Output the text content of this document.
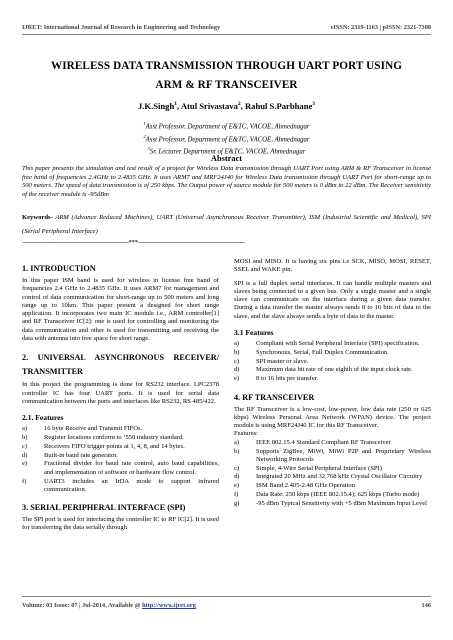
IJRET: International Journal of Research in Engineering and Technology	eISSN: 2319-1163 | pISSN: 2321-7308
WIRELESS DATA TRANSMISSION THROUGH UART PORT USING
ARM & RF TRANSCEIVER
J.K.Singh$^1$, Atul Srivastava$^2$, Rahul S.Parbhane$^3$
$^1$Asst Professor, Department of E&TC, VACOE, Ahmednagar
$^2$Asst Professor, Department of E&TC, VACOE, Ahmednagar
$^3$Sr. Lecturer Department of E&TC, VACOE, Ahmednagar
Abstract
This paper presents the simulation and test result of a project for Wireless Data transmission through UART Port using ARM & RF Transceiver in license free band of frequencies 2.4GHz to 2.4835 GHz. It uses ARM7 and MRF24J40 for Wireless Data transmission through UART Port for short-range up to 500 meters. The speed of data transmission is of 250 kbps. The Output power of source module for 500 meters is 0 dBm to 22 dBm. The Receiver sensitivity of the receiver module is -95dBm
Keywords- ARM (Advance Reduced Machines), UART (Universal Asynchronous Receiver Transmitter), ISM (Industrial Scientific and Medical), SPI (Serial Peripheral Interface)
-------------------------------------------------------------------------***-------------------------------------------------------------------------
1. INTRODUCTION

In this paper ISM band is used for wireless in license free band of frequencies 2.4 GHz to 2.4835 GHz. It uses ARM7 for management and control of data communication for short-range up to 500 meters and long range up to 10km. This paper present a designed for short range application. It incorporates two main IC module i.e., ARM controller[1] and RF Transceiver IC[2]: one is used for controlling and monitoring the data communication and other is used for transmitting and receiving the data with antenna into free space for short range.

2. UNIVERSAL ASYNCHRONOUS RECEIVER/ TRANSMITTER

In this project the programming is done for RS232 interface. LPC2378 controller IC has four UART ports. It is used for serial data communication between the ports and interfaces like RS232, RS 485/422.

2.1. Features
a)	16 byte Receive and Transmit FIFOs.
b)	Register locations conform to ‘550 industry standard.
c)	Receivers FIFO trigger points at 1, 4, 8, and 14 bytes.
d)	Built-in baud rate generator.
e)	Fractional divider for baud rate control, auto baud capabilities, and implementation of software or hardware flow control.
f)	UART3 includes an IrDA mode to support infrared communication.
3. SERIAL PERIPHERAL INTERFACE (SPI)

The SPI port is used for interfacing the controller IC to RF IC[2]. It is used for transferring the data serially through

MOSI and MISO. It is having six pins i.e SCK, MISO, MOSI, RESET, SSEL and WAKE pin.

SPI is a full duplex serial interfaces. It can handle multiple masters and slaves being connected to a given bus. Only a single master and a single slave can communicate on the interface during a given data transfer. During a data transfer the master always sends 8 to 16 bits of data to the slave, and the slave always sends a byte of data to the master.

3.1 Features
a)	Compliant with Serial Peripheral Interface (SPI) specification.
b)	Synchronous, Serial, Full Duplex Communication.
c)	SPI master or slave.
d)	Maximum data bit rate of one eighth of the input clock rate.
e)	8 to 16 bits per transfer.
4. RF TRANSCEIVER

The RF Transceiver is a low-cost, low-power, low data rate (250 or 625 kbps) Wireless Personal Area Network (WPAN) device. The project module is using MRF24J40 IC for this RF Transceiver.

Features:
a)	IEEE 802.15.4 Standard Compliant RF Transceiver
b)	Supports ZigBee, MiWi, MiWi P2P and Proprietary Wireless Networking Protocols
c)	Simple, 4-Wire Serial Peripheral Interface (SPI)
d)	Integrated 20 MHz and 32.768 kHz Crystal Oscillator Circuitry
e)	ISM Band 2.405-2.48 GHz Operation
f)	Data Rate: 250 kbps (IEEE 802.15.4); 625 kbps (Turbo mode)
g)	-95 dBm Typical Sensitivity with +5 dBm Maximum Input Level
Volume: 03 Issue: 07 | Jul-2014, Available @ http://www.ijret.org	146
